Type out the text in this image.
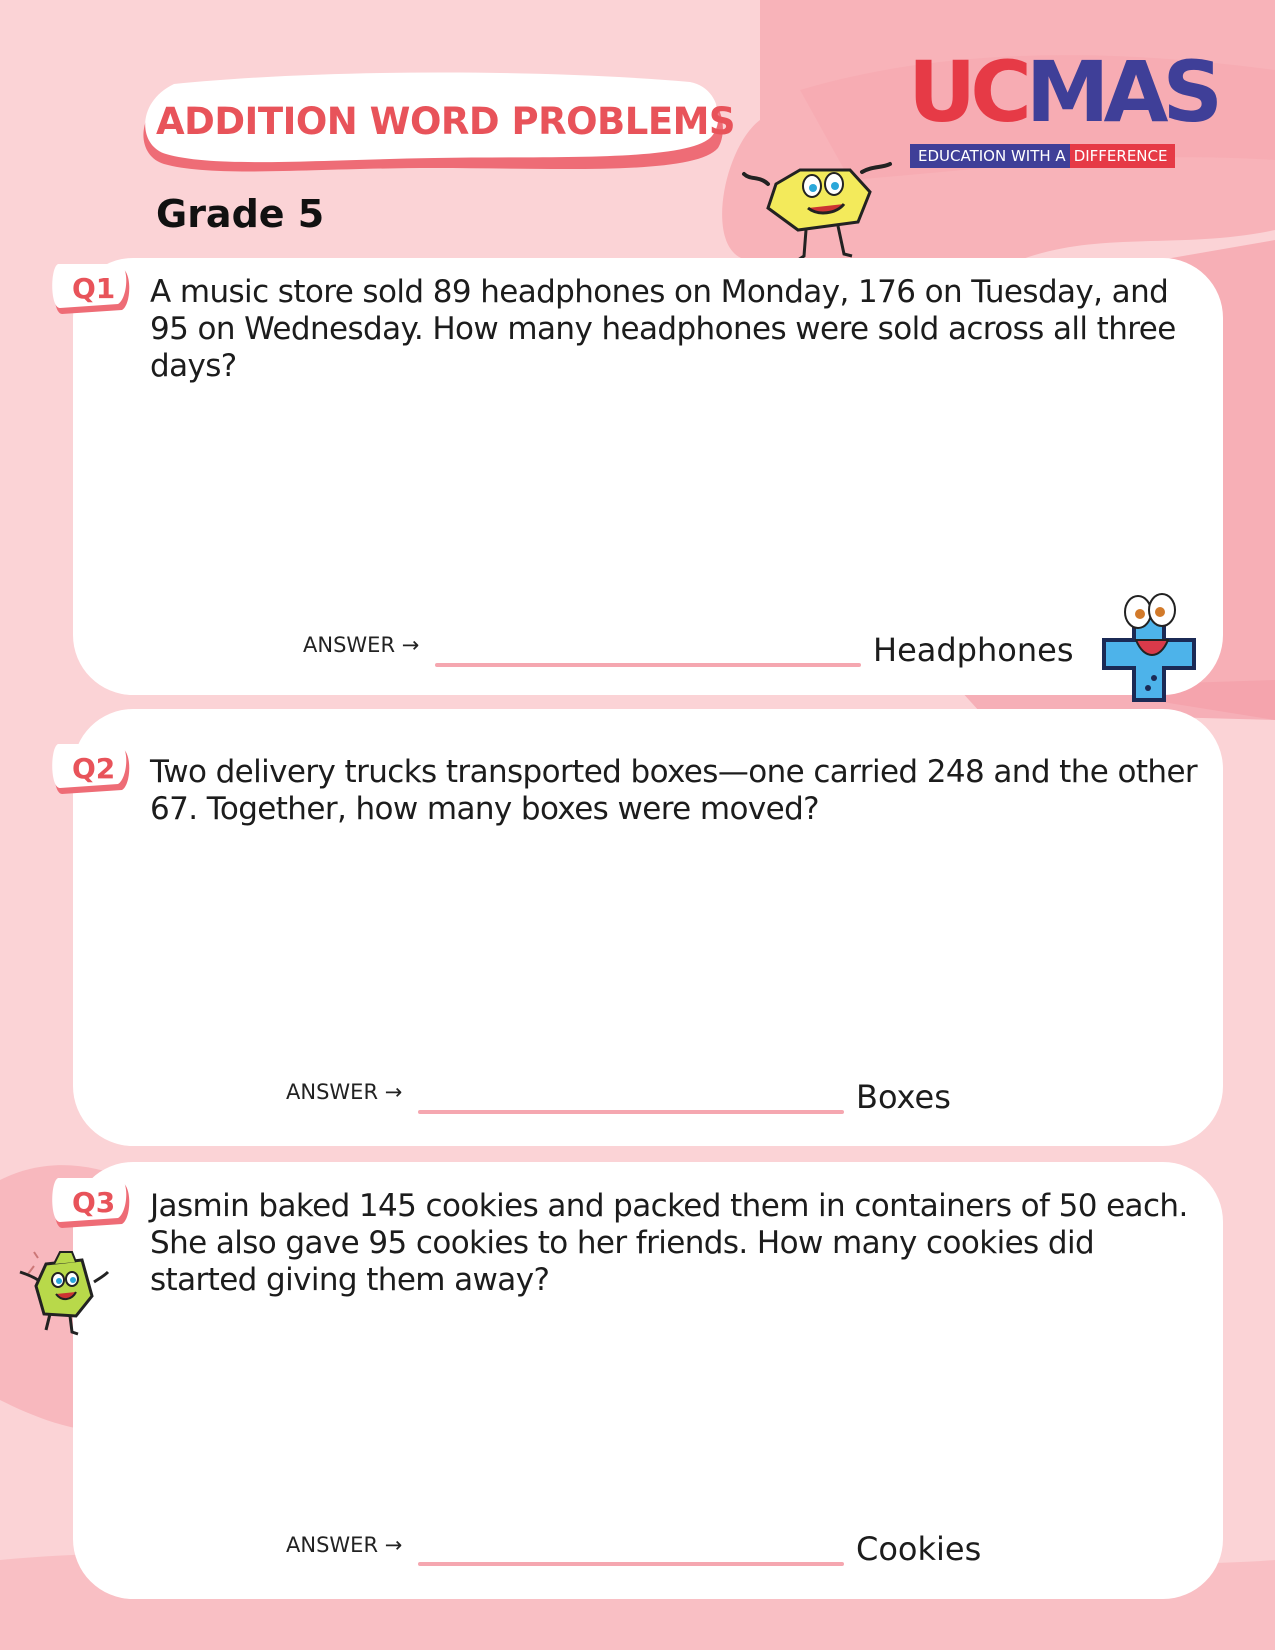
ADDITION WORD PROBLEMS
Grade 5
UCMAS
EDUCATION WITH A DIFFERENCE
Q1 A music store sold 89 headphones on Monday, 176 on Tuesday, and 95 on Wednesday. How many headphones were sold across all three days?
ANSWER →	Headphones
Q2 Two delivery trucks transported boxes—one carried 248 and the other 67. Together, how many boxes were moved?
ANSWER →	Boxes
Q3 Jasmin baked 145 cookies and packed them in containers of 50 each. She also gave 95 cookies to her friends. How many cookies did started giving them away?
ANSWER →	Cookies
